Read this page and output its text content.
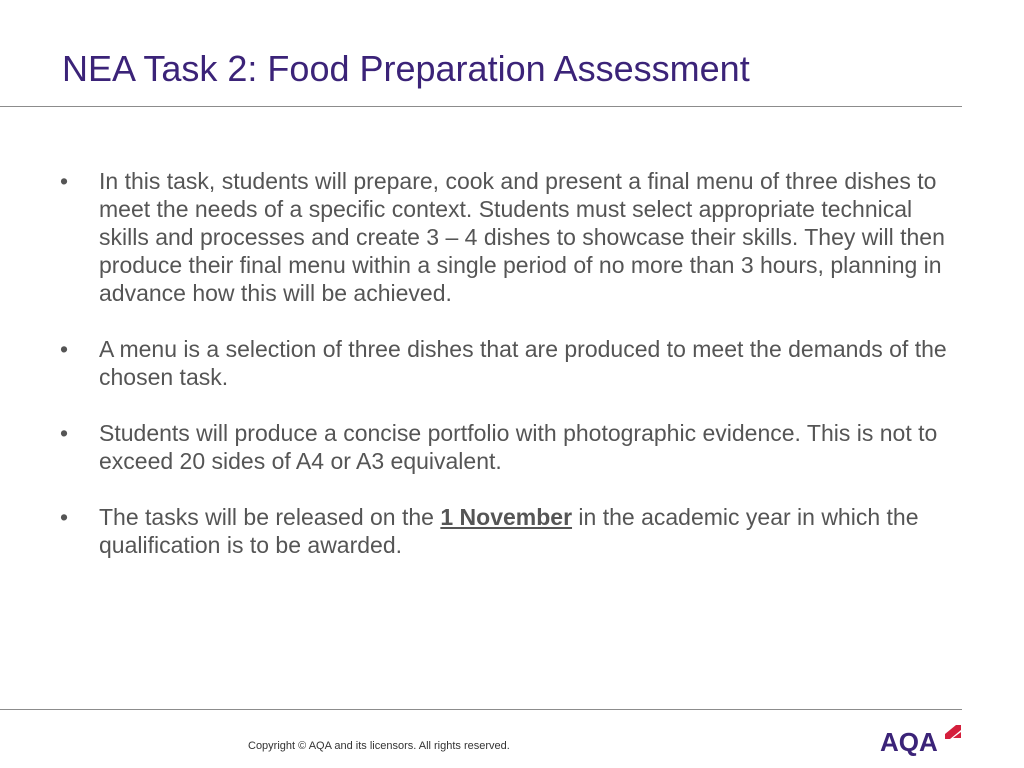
NEA Task 2: Food Preparation Assessment
• In this task, students will prepare, cook and present a final menu of three dishes to meet the needs of a specific context. Students must select appropriate technical skills and processes and create 3 – 4 dishes to showcase their skills. They will then produce their final menu within a single period of no more than 3 hours, planning in advance how this will be achieved.
• A menu is a selection of three dishes that are produced to meet the demands of the chosen task.
• Students will produce a concise portfolio with photographic evidence. This is not to exceed 20 sides of A4 or A3 equivalent.
• The tasks will be released on the 1 November in the academic year in which the qualification is to be awarded.
Copyright © AQA and its licensors. All rights reserved.	AQA
